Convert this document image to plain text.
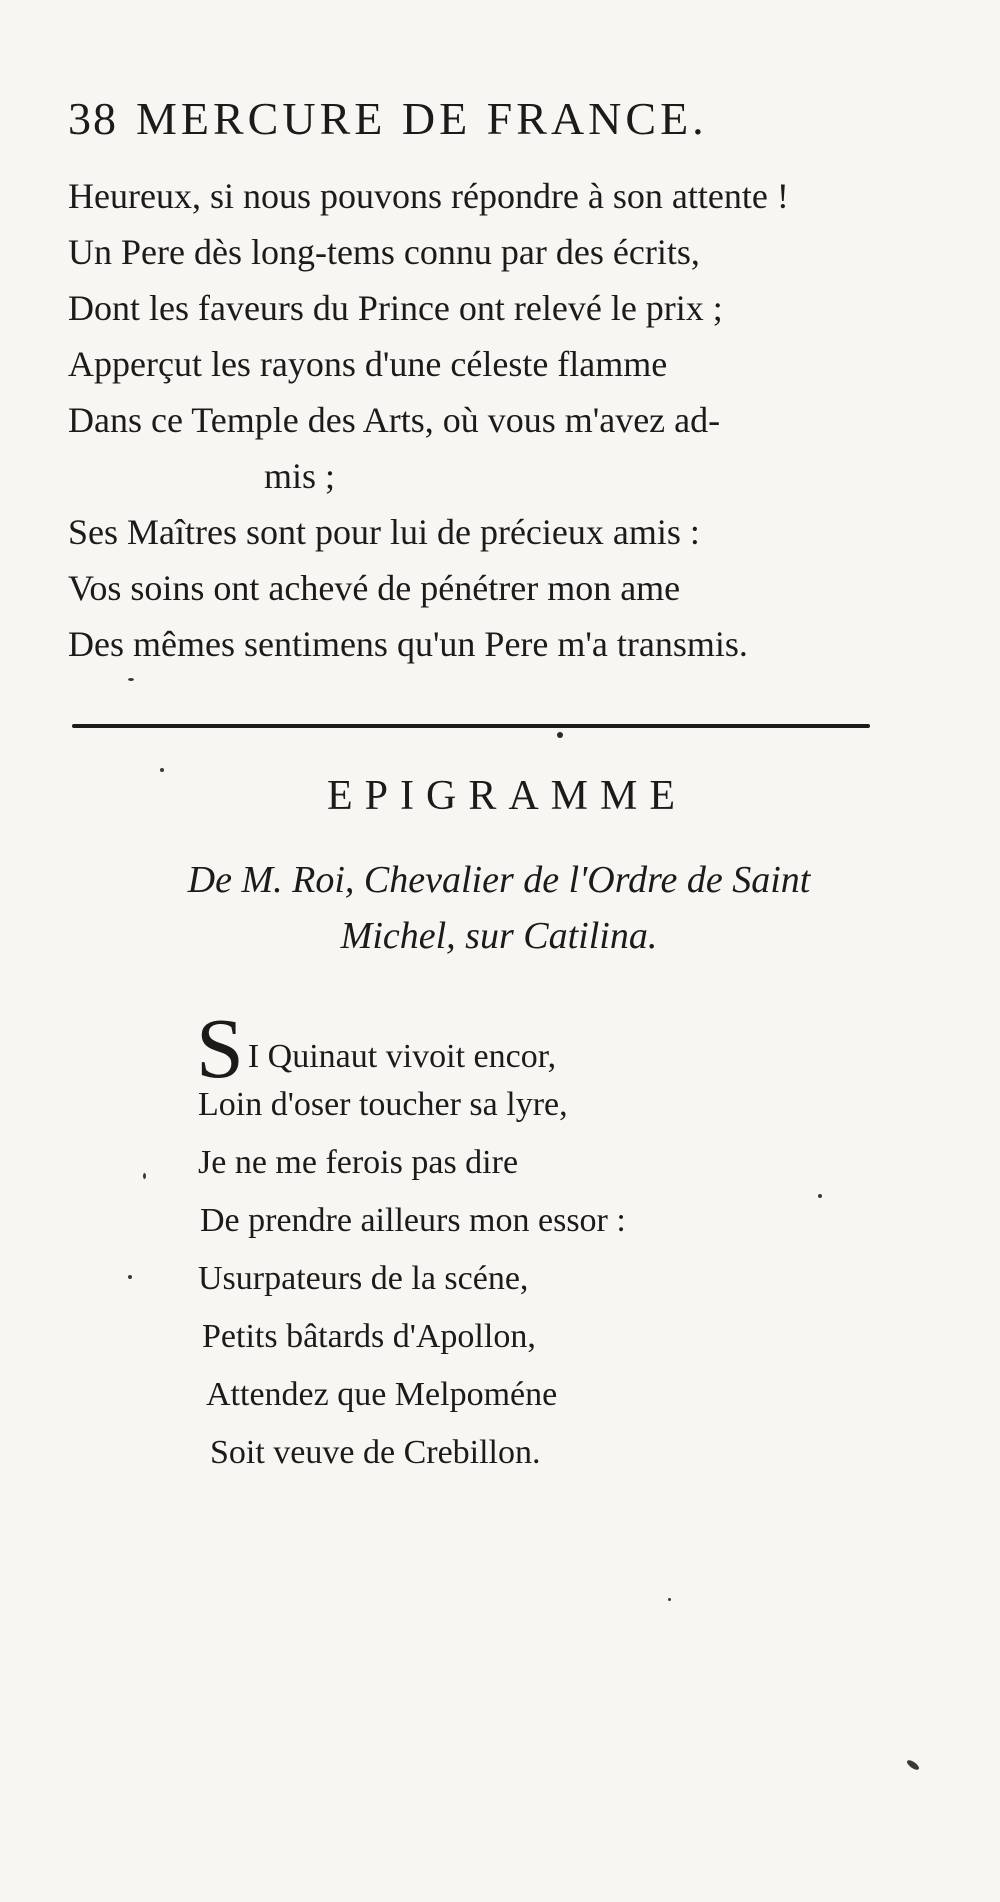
38 MERCURE DE FRANCE.
Heureux, si nous pouvons répondre à son attente !
Un Pere dès long-tems connu par des écrits,
Dont les faveurs du Prince ont relevé le prix ;
Apperçut les rayons d'une céleste flamme
Dans ce Temple des Arts, où vous m'avez ad-
mis ;
Ses Maîtres sont pour lui de précieux amis :
Vos soins ont achevé de pénétrer mon ame
Des mêmes sentimens qu'un Pere m'a transmis.
EPIGRAMME
De M. Roi, Chevalier de l'Ordre de Saint
Michel, sur Catilina.
S I Quinaut vivoit encor,
Loin d'oser toucher sa lyre,
Je ne me ferois pas dire
De prendre ailleurs mon essor :
Usurpateurs de la scéne,
Petits bâtards d'Apollon,
Attendez que Melpoméne
Soit veuve de Crebillon.
